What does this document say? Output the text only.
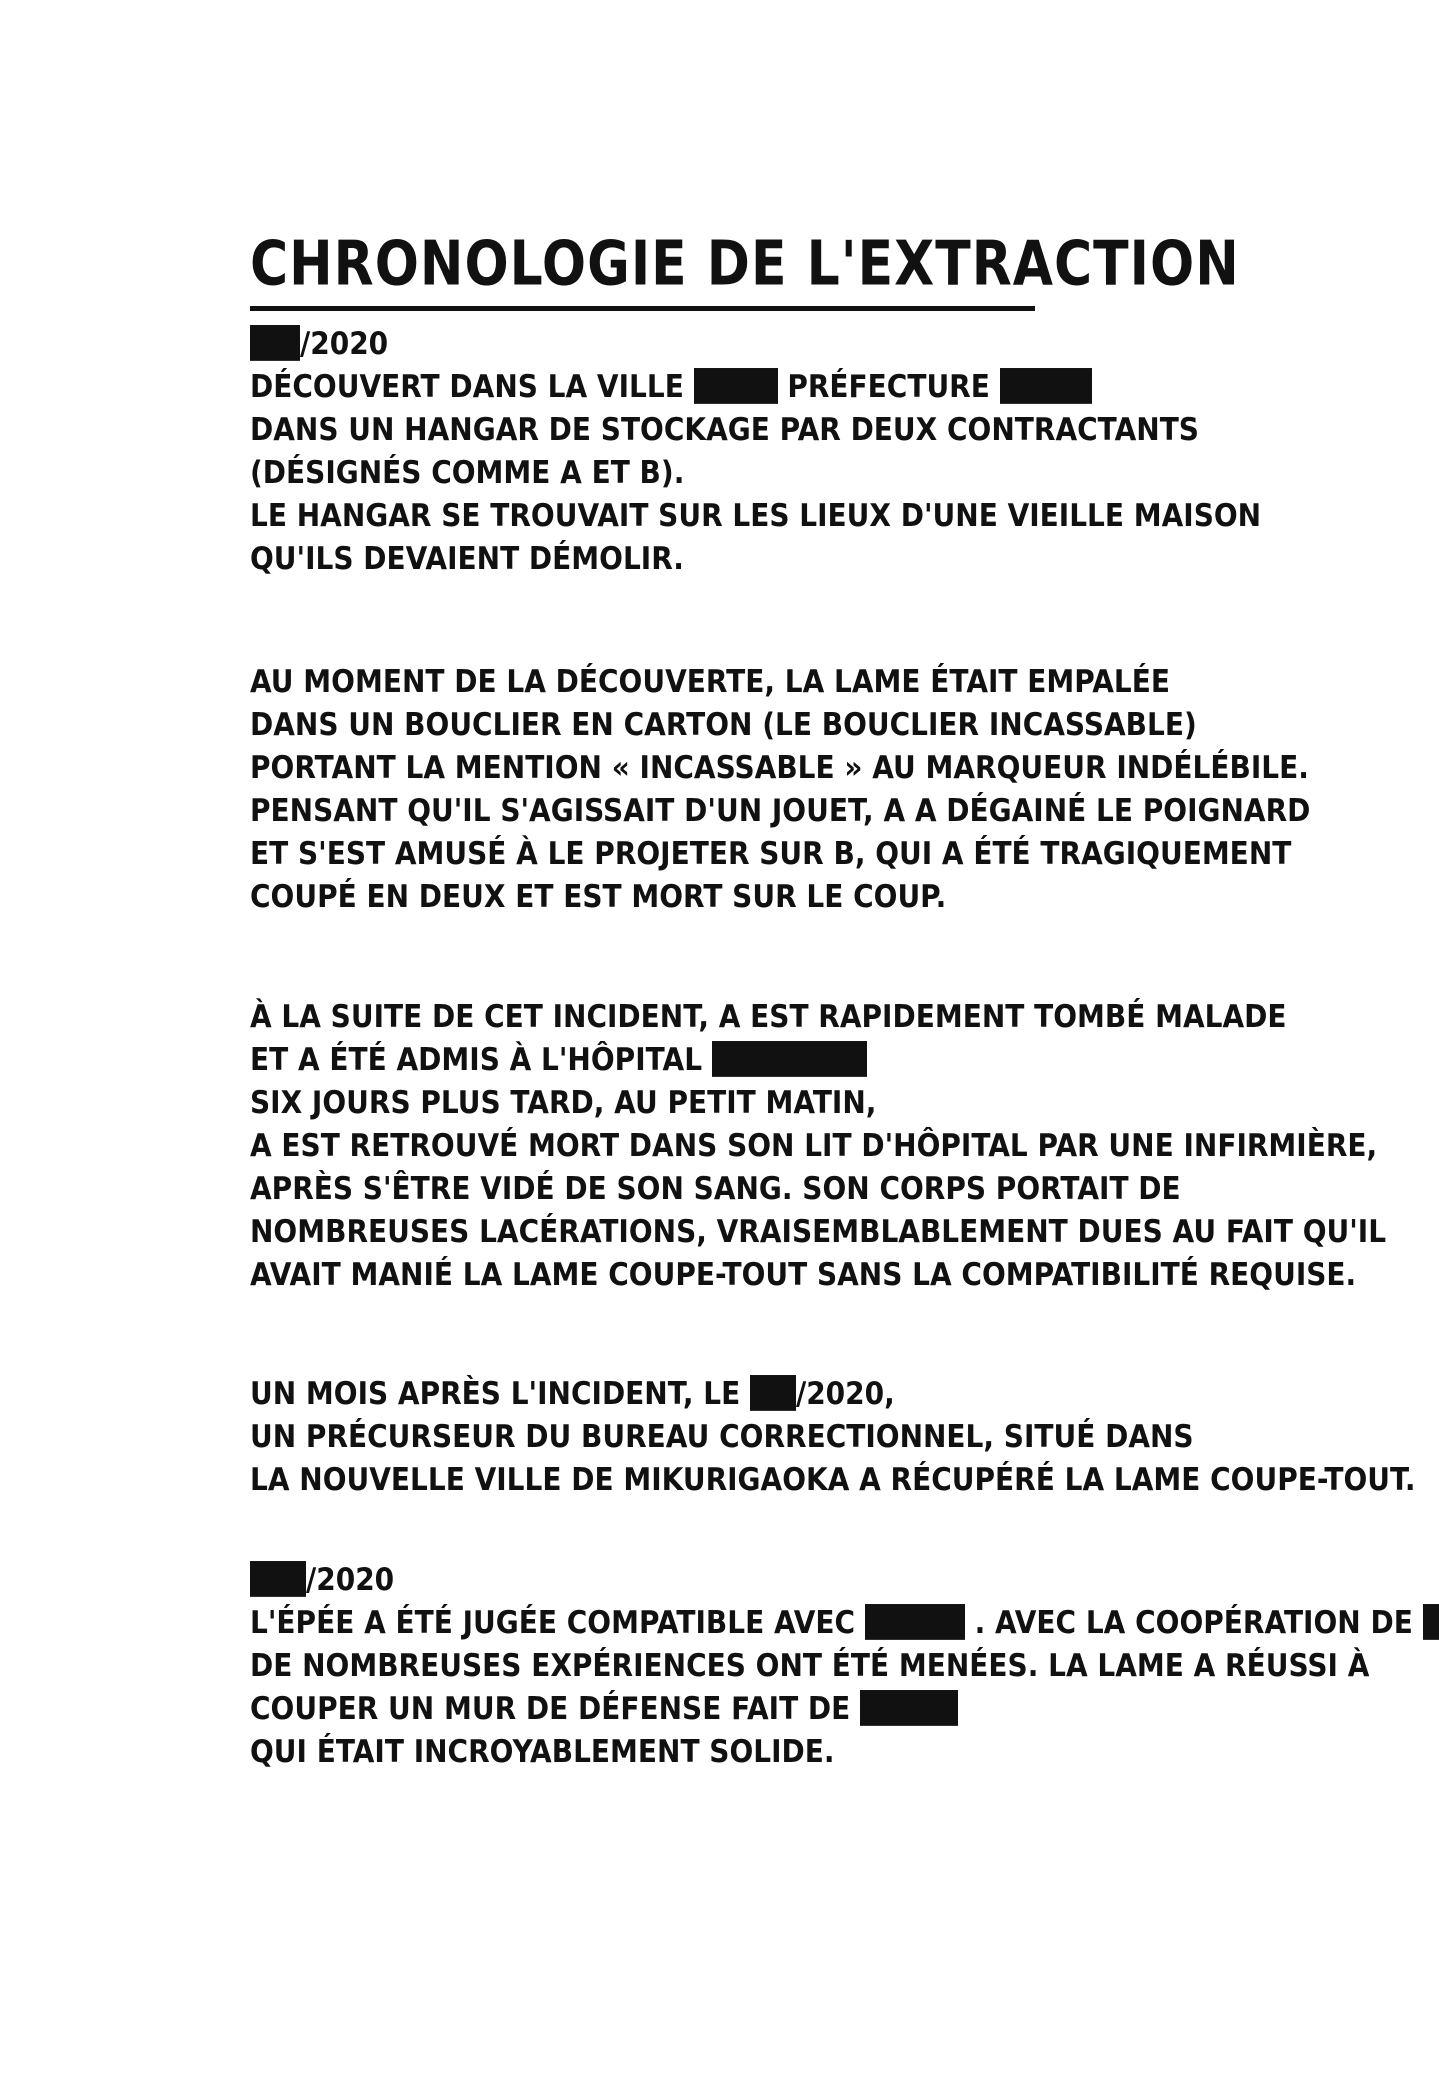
CHRONOLOGIE DE L'EXTRACTION
/2020
DÉCOUVERT DANS LA VILLE	PRÉFECTURE
DANS UN HANGAR DE STOCKAGE PAR DEUX CONTRACTANTS
(DÉSIGNÉS COMME A ET B).
LE HANGAR SE TROUVAIT SUR LES LIEUX D'UNE VIEILLE MAISON
QU'ILS DEVAIENT DÉMOLIR.
AU MOMENT DE LA DÉCOUVERTE, LA LAME ÉTAIT EMPALÉE
DANS UN BOUCLIER EN CARTON (LE BOUCLIER INCASSABLE)
PORTANT LA MENTION « INCASSABLE » AU MARQUEUR INDÉLÉBILE.
PENSANT QU'IL S'AGISSAIT D'UN JOUET, A A DÉGAINÉ LE POIGNARD
ET S'EST AMUSÉ À LE PROJETER SUR B, QUI A ÉTÉ TRAGIQUEMENT
COUPÉ EN DEUX ET EST MORT SUR LE COUP.
À LA SUITE DE CET INCIDENT, A EST RAPIDEMENT TOMBÉ MALADE
ET A ÉTÉ ADMIS À L'HÔPITAL
SIX JOURS PLUS TARD, AU PETIT MATIN,
A EST RETROUVÉ MORT DANS SON LIT D'HÔPITAL PAR UNE INFIRMIÈRE,
APRÈS S'ÊTRE VIDÉ DE SON SANG. SON CORPS PORTAIT DE
NOMBREUSES LACÉRATIONS, VRAISEMBLABLEMENT DUES AU FAIT QU'IL
AVAIT MANIÉ LA LAME COUPE-TOUT SANS LA COMPATIBILITÉ REQUISE.
UN MOIS APRÈS L'INCIDENT, LE /2020,
UN PRÉCURSEUR DU BUREAU CORRECTIONNEL, SITUÉ DANS
LA NOUVELLE VILLE DE MIKURIGAOKA A RÉCUPÉRÉ LA LAME COUPE-TOUT.
/2020
L'ÉPÉE A ÉTÉ JUGÉE COMPATIBLE AVEC	. AVEC LA COOPÉRATION DE
DE NOMBREUSES EXPÉRIENCES ONT ÉTÉ MENÉES. LA LAME A RÉUSSI À
COUPER UN MUR DE DÉFENSE FAIT DE
QUI ÉTAIT INCROYABLEMENT SOLIDE.
